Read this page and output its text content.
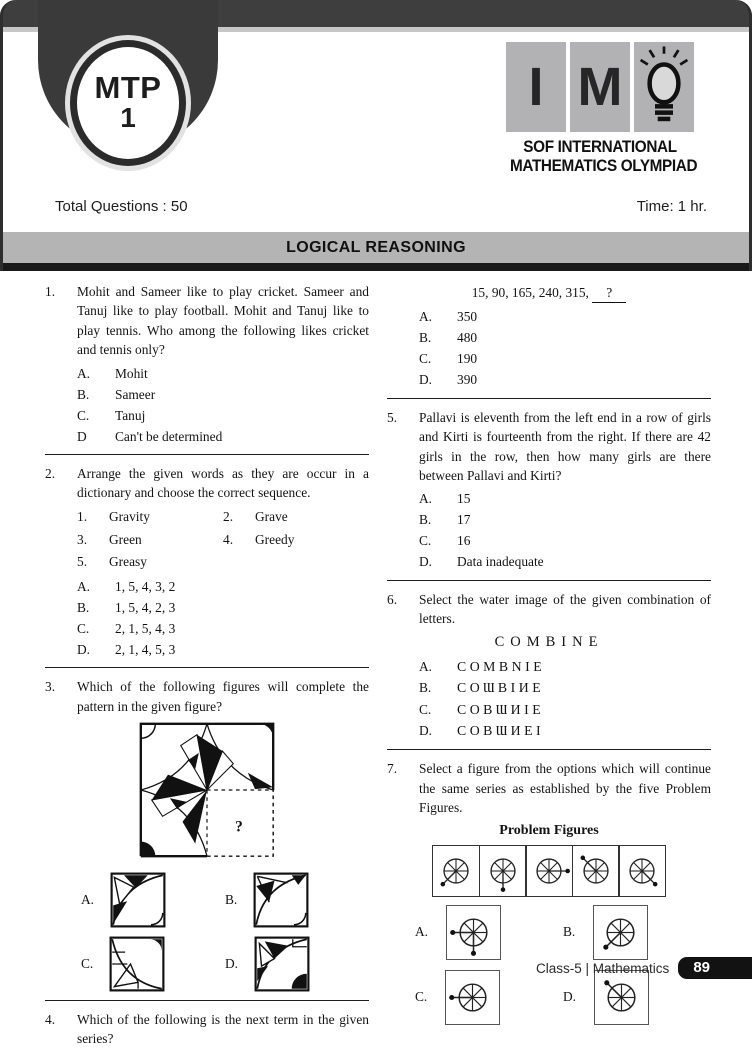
MTP
1
I M
SOF INTERNATIONAL
MATHEMATICS OLYMPIAD
Total Questions : 50	Time: 1 hr.
LOGICAL REASONING
1.	Mohit and Sameer like to play cricket. Sameer and Tanuj like to play football. Mohit and Tanuj like to play tennis. Who among the following likes cricket and tennis only?

A.	Mohit
B.	Sameer
C.	Tanuj
D	Can't be determined
2.	Arrange the given words as they are occur in a dictionary and choose the correct sequence.

1.	Gravity	2.	Grave
3.	Green	4.	Greedy
5.	Greasy
A.	1, 5, 4, 3, 2
B.	1, 5, 4, 2, 3
C.	2, 1, 5, 4, 3
D.	2, 1, 4, 5, 3
3.	Which of the following figures will complete the pattern in the given figure?

?
A.	B.
C.	D.
4.	Which of the following is the next term in the given series?

15, 90, 165, 240, 315, ?
A.	350
B.	480
C.	190
D.	390
5.	Pallavi is eleventh from the left end in a row of girls and Kirti is fourteenth from the right. If there are 42 girls in the row, then how many girls are there between Pallavi and Kirti?

A.	15
B.	17
C.	16
D.	Data inadequate
6.	Select the water image of the given combination of letters.

COMBINE
A.	COMBNIE
B.	COƜBIИE
C.	COBƜИIE
D.	COBƜИEI
7.	Select a figure from the options which will continue the same series as established by the five Problem Figures.

Problem Figures
A.	B.
C.	D.
Class-5 | Mathematics	89
